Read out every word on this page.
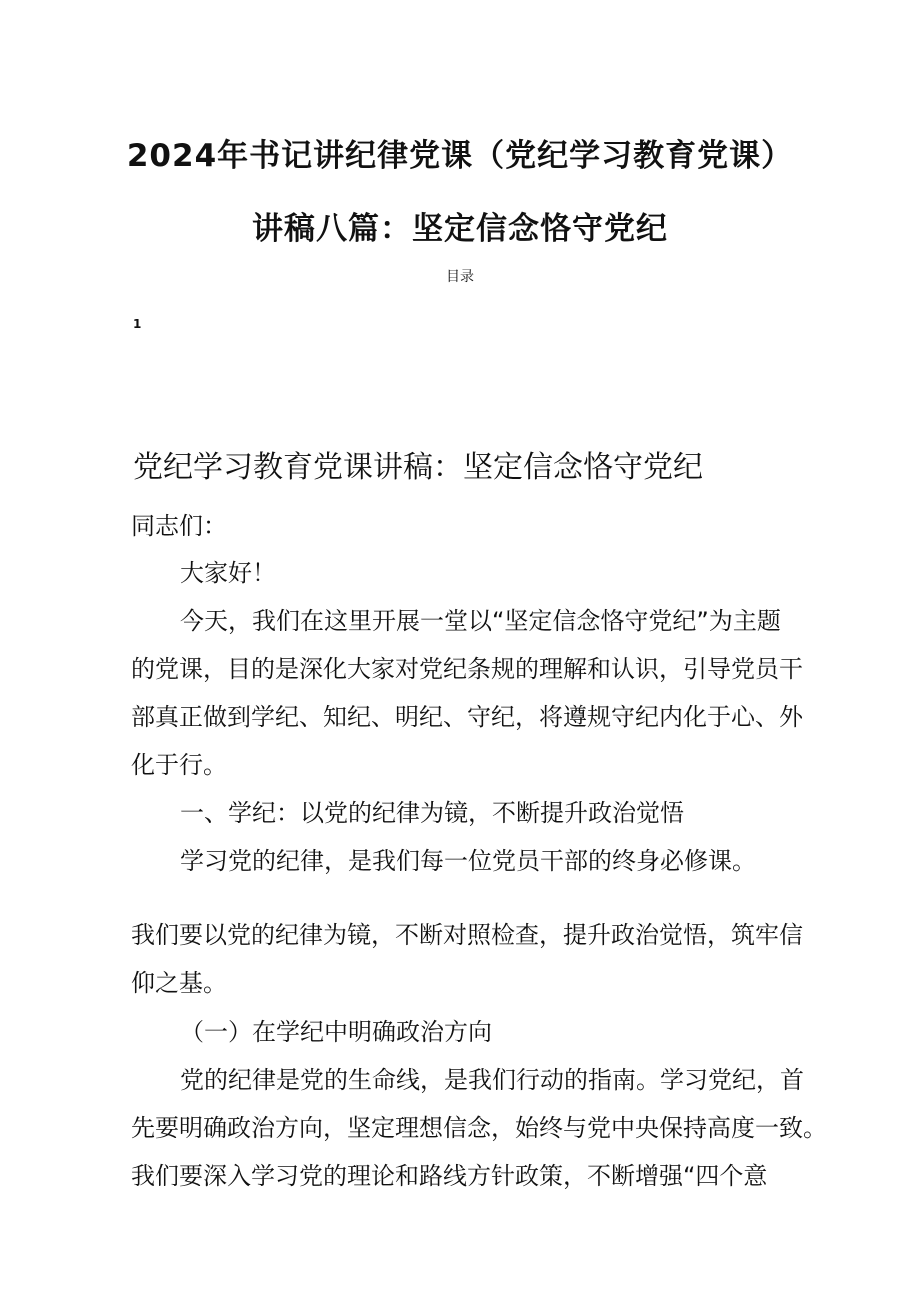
2024年书记讲纪律党课（党纪学习教育党课）
讲稿八篇：坚定信念恪守党纪
目录
1
党纪学习教育党课讲稿：坚定信念恪守党纪
同志们：
大家好！
今天，我们在这里开展一堂以“坚定信念恪守党纪”为主题
的党课，目的是深化大家对党纪条规的理解和认识，引导党员干
部真正做到学纪、知纪、明纪、守纪，将遵规守纪内化于心、外
化于行。
一、学纪：以党的纪律为镜，不断提升政治觉悟
学习党的纪律，是我们每一位党员干部的终身必修课。
我们要以党的纪律为镜，不断对照检查，提升政治觉悟，筑牢信
仰之基。
（一）在学纪中明确政治方向
党的纪律是党的生命线，是我们行动的指南。学习党纪，首
先要明确政治方向，坚定理想信念，始终与党中央保持高度一致。
我们要深入学习党的理论和路线方针政策，不断增强“四个意
